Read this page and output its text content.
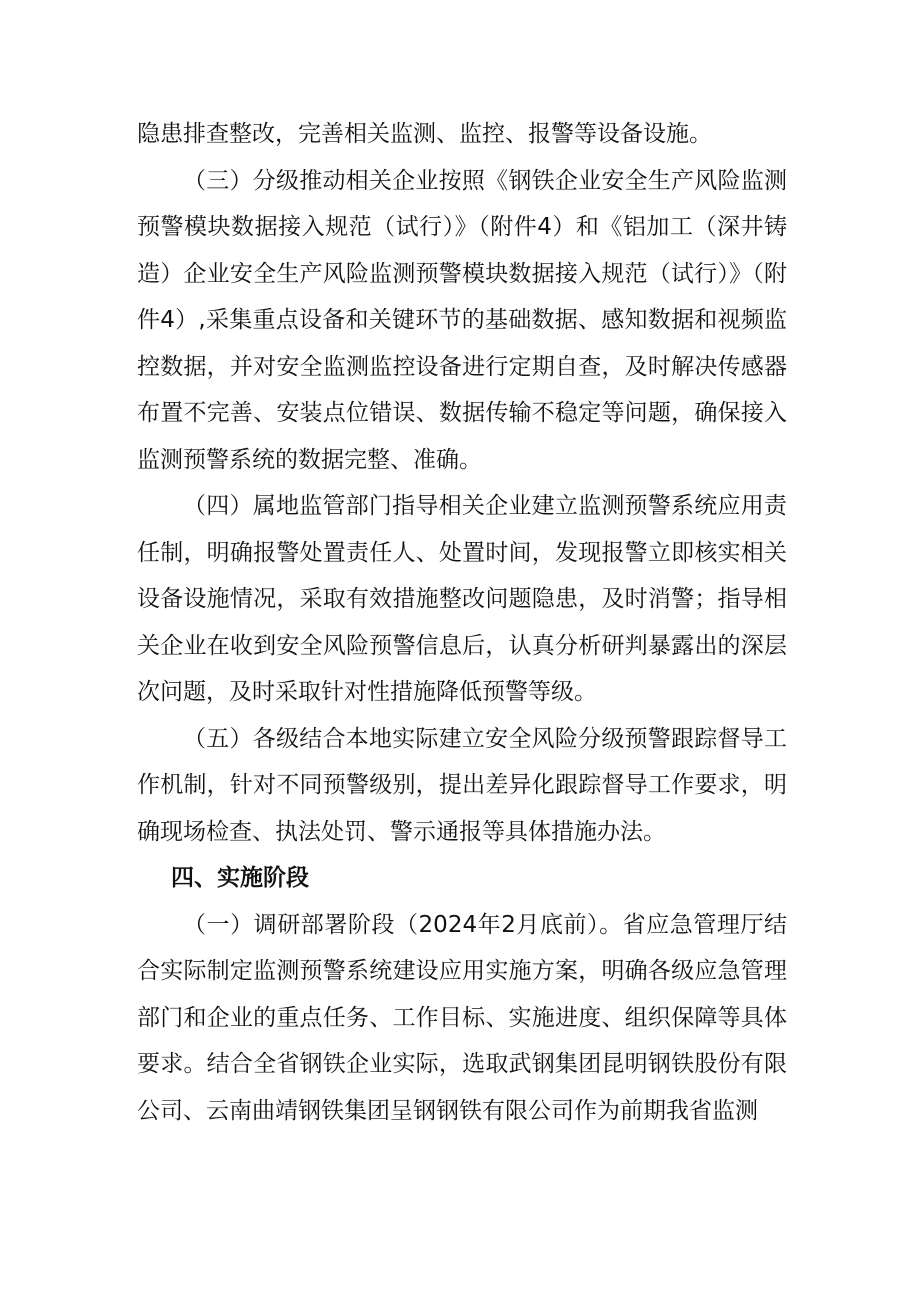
隐患排查整改，完善相关监测、监控、报警等设备设施。

（三）分级推动相关企业按照《钢铁企业安全生产风险监测预警模块数据接入规范（试行）》（附件4）和《铝加工（深井铸造）企业安全生产风险监测预警模块数据接入规范（试行）》（附件4）,采集重点设备和关键环节的基础数据、感知数据和视频监控数据，并对安全监测监控设备进行定期自查，及时解决传感器布置不完善、安装点位错误、数据传输不稳定等问题，确保接入监测预警系统的数据完整、准确。

（四）属地监管部门指导相关企业建立监测预警系统应用责任制，明确报警处置责任人、处置时间，发现报警立即核实相关设备设施情况，采取有效措施整改问题隐患，及时消警；指导相关企业在收到安全风险预警信息后，认真分析研判暴露出的深层次问题，及时采取针对性措施降低预警等级。

（五）各级结合本地实际建立安全风险分级预警跟踪督导工作机制，针对不同预警级别，提出差异化跟踪督导工作要求，明确现场检查、执法处罚、警示通报等具体措施办法。

四、实施阶段

（一）调研部署阶段（2024年2月底前）。省应急管理厅结合实际制定监测预警系统建设应用实施方案，明确各级应急管理部门和企业的重点任务、工作目标、实施进度、组织保障等具体要求。结合全省钢铁企业实际，选取武钢集团昆明钢铁股份有限公司、云南曲靖钢铁集团呈钢钢铁有限公司作为前期我省监测
